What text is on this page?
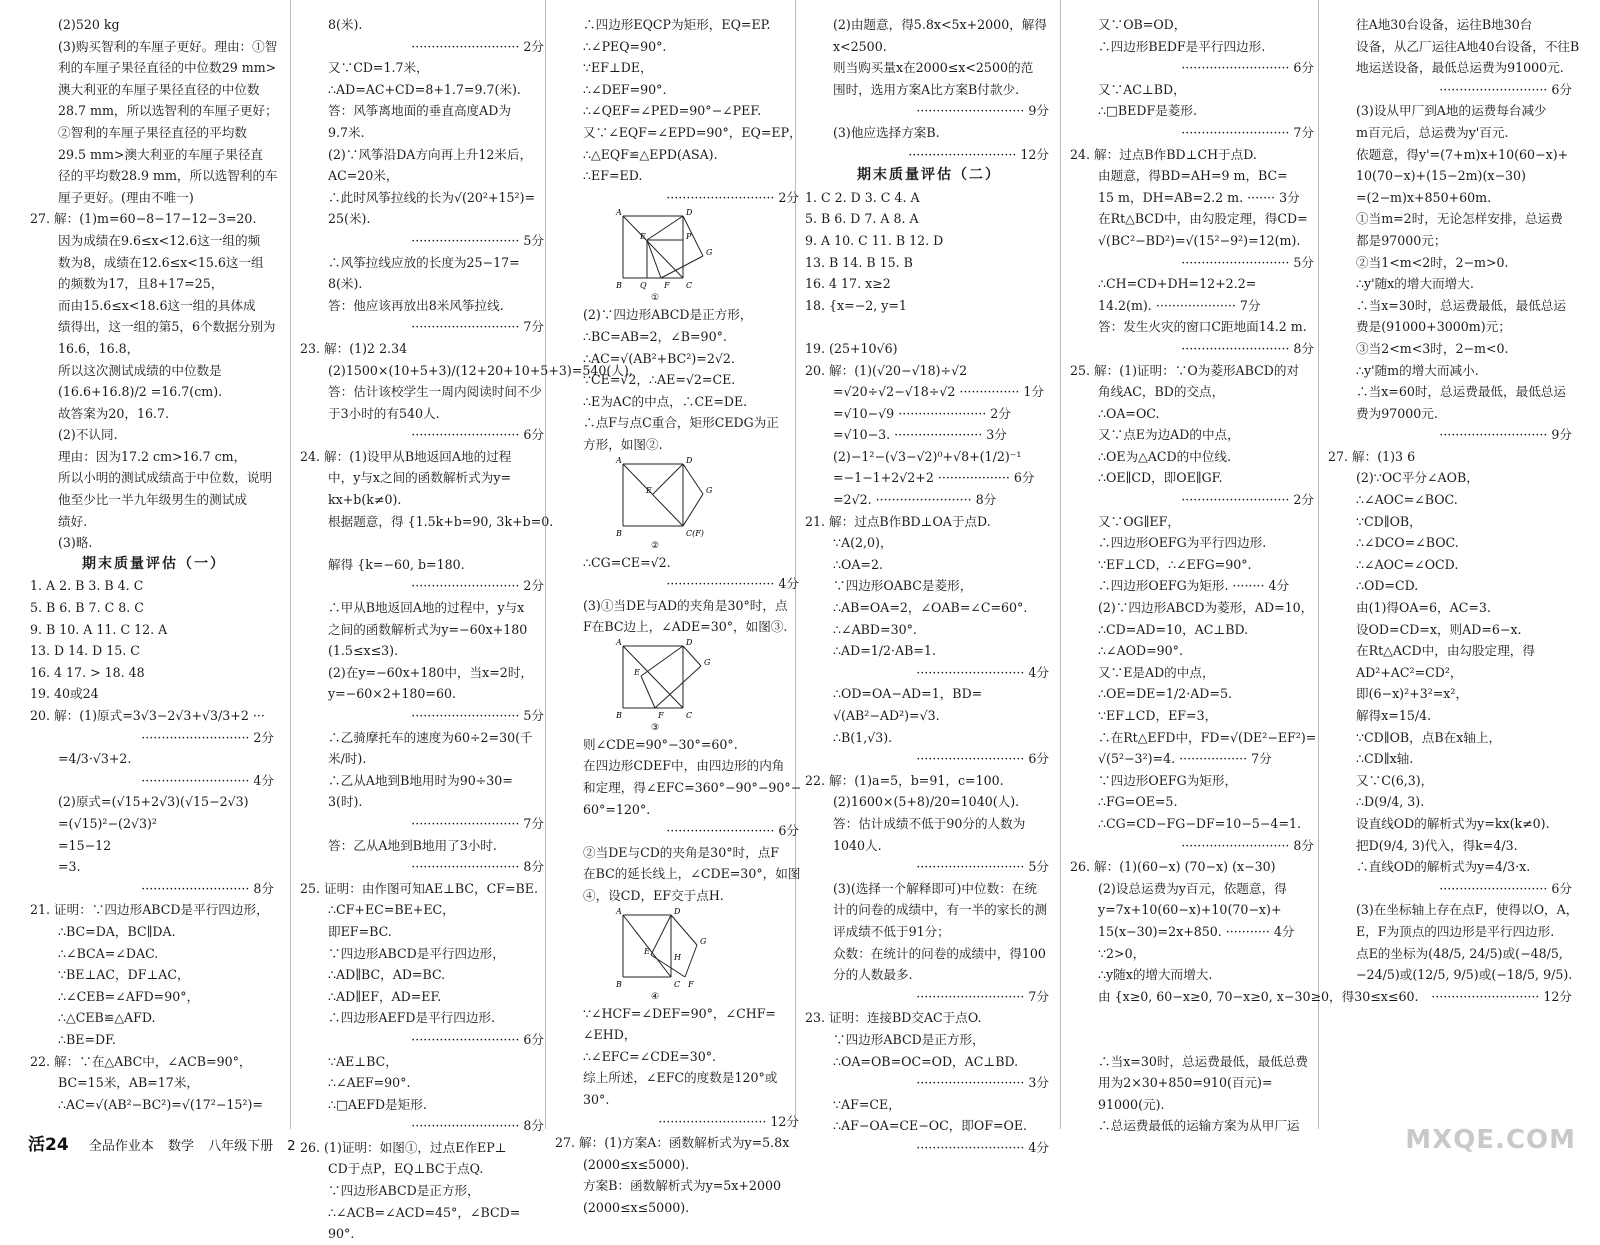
(2)520 kg
(3)购买智利的车厘子更好。理由：①智
利的车厘子果径直径的中位数29 mm>
澳大利亚的车厘子果径直径的中位数
28.7 mm，所以选智利的车厘子更好；
②智利的车厘子果径直径的平均数
29.5 mm>澳大利亚的车厘子果径直
径的平均数28.9 mm，所以选智利的车
厘子更好。(理由不唯一)
27. 解：(1)m=60−8−17−12−3=20.
因为成绩在9.6≤x<12.6这一组的频
数为8，成绩在12.6≤x<15.6这一组
的频数为17，且8+17=25，
而由15.6≤x<18.6这一组的具体成
绩得出，这一组的第5，6个数据分别为
16.6，16.8，
所以这次测试成绩的中位数是
(16.6+16.8)/2 =16.7(cm).
故答案为20，16.7.
(2)不认同.
理由：因为17.2 cm>16.7 cm，
所以小明的测试成绩高于中位数，说明
他至少比一半九年级男生的测试成
绩好.
(3)略.
期末质量评估（一）
1. A 2. B 3. B 4. C
5. B 6. B 7. C 8. C
9. B 10. A 11. C 12. A
13. D 14. D 15. C
16. 4 17. > 18. 48
19. 40或24
20. 解：(1)原式=3√3−2√3+√3/3+2 ···
··························· 2分
=4/3·√3+2.
··························· 4分
(2)原式=(√15+2√3)(√15−2√3)
=(√15)²−(2√3)²
=15−12
=3.
··························· 8分
21. 证明：∵四边形ABCD是平行四边形，
∴BC=DA，BC∥DA.
∴∠BCA=∠DAC.
∵BE⊥AC，DF⊥AC，
∴∠CEB=∠AFD=90°，
∴△CEB≌△AFD.
∴BE=DF.
22. 解：∵在△ABC中，∠ACB=90°，
BC=15米，AB=17米，
∴AC=√(AB²−BC²)=√(17²−15²)=
8(米).
··························· 2分
又∵CD=1.7米，
∴AD=AC+CD=8+1.7=9.7(米).
答：风筝离地面的垂直高度AD为
9.7米.
(2)∵风筝沿DA方向再上升12米后，
AC=20米，
∴此时风筝拉线的长为√(20²+15²)=
25(米).
··························· 5分
∴风筝拉线应放的长度为25−17=
8(米).
答：他应该再放出8米风筝拉线.
··························· 7分
23. 解：(1)2 2.34
(2)1500×(10+5+3)/(12+20+10+5+3)=540(人).
答：估计该校学生一周内阅读时间不少
于3小时的有540人.
··························· 6分
24. 解：(1)设甲从B地返回A地的过程
中，y与x之间的函数解析式为y=
kx+b(k≠0).
根据题意，得 {1.5k+b=90, 3k+b=0.

解得 {k=−60, b=180.
··························· 2分
∴甲从B地返回A地的过程中，y与x
之间的函数解析式为y=−60x+180
(1.5≤x≤3).
(2)在y=−60x+180中，当x=2时，
y=−60×2+180=60.
··························· 5分
∴乙骑摩托车的速度为60÷2=30(千
米/时).
∴乙从A地到B地用时为90÷30=
3(时).
··························· 7分
答：乙从A地到B地用了3小时.
··························· 8分
25. 证明：由作图可知AE⊥BC，CF=BE.
∴CF+EC=BE+EC，
即EF=BC.
∵四边形ABCD是平行四边形，
∴AD∥BC，AD=BC.
∴AD∥EF，AD=EF.
∴四边形AEFD是平行四边形.
··························· 6分
∵AE⊥BC，
∴∠AEF=90°.
∴□AEFD是矩形.
··························· 8分
26. (1)证明：如图①，过点E作EP⊥
CD于点P，EQ⊥BC于点Q.
∵四边形ABCD是正方形，
∴∠ACB=∠ACD=45°，∠BCD=
90°.
∴四边形EQCP为矩形，EQ=EP.
∴∠PEQ=90°.
∵EF⊥DE，
∴∠DEF=90°.
∴∠QEF=∠PED=90°−∠PEF.
又∵∠EQF=∠EPD=90°，EQ=EP，
∴△EQF≌△EPD(ASA).
∴EF=ED.
··························· 2分
A	D
E	P
G
B Q F C
①
(2)∵四边形ABCD是正方形，
∴BC=AB=2，∠B=90°.
∴AC=√(AB²+BC²)=2√2.
∵CE=√2，∴AE=√2=CE.
∴E为AC的中点，∴CE=DE.
∴点F与点C重合，矩形CEDG为正
方形，如图②.
A	D
E	G
B	C(F)
②
∴CG=CE=√2.
··························· 4分
(3)①当DE与AD的夹角是30°时，点
F在BC边上，∠ADE=30°，如图③.
A	D
E
G
B	F	C
③
则∠CDE=90°−30°=60°.
在四边形CDEF中，由四边形的内角
和定理，得∠EFC=360°−90°−90°−
60°=120°.
··························· 6分
②当DE与CD的夹角是30°时，点F
在BC的延长线上，∠CDE=30°，如图
④，设CD，EF交于点H.
A	D
E
H
G
B	C F
④
∵∠HCF=∠DEF=90°，∠CHF=
∠EHD，
∴∠EFC=∠CDE=30°.
综上所述，∠EFC的度数是120°或
30°.
··························· 12分
27. 解：(1)方案A：函数解析式为y=5.8x
(2000≤x≤5000).
方案B：函数解析式为y=5x+2000
(2000≤x≤5000).
(2)由题意，得5.8x<5x+2000，解得
x<2500.
则当购买量x在2000≤x<2500的范
围时，选用方案A比方案B付款少.
··························· 9分
(3)他应选择方案B.
··························· 12分
期末质量评估（二）
1. C 2. D 3. C 4. A
5. B 6. D 7. A 8. A
9. A 10. C 11. B 12. D
13. B 14. B 15. B
16. 4 17. x≥2
18. {x=−2, y=1

19. (25+10√6)
20. 解：(1)(√20−√18)÷√2
=√20÷√2−√18÷√2 ··············· 1分
=√10−√9 ······················ 2分
=√10−3. ······················ 3分
(2)−1²−(√3−√2)⁰+√8+(1/2)⁻¹
=−1−1+2√2+2 ·················· 6分
=2√2. ························ 8分
21. 解：过点B作BD⊥OA于点D.
∵A(2,0)，
∴OA=2.
∵四边形OABC是菱形，
∴AB=OA=2，∠OAB=∠C=60°.
∴∠ABD=30°.
∴AD=1/2·AB=1.
··························· 4分
∴OD=OA−AD=1，BD=
√(AB²−AD²)=√3.
∴B(1,√3).
··························· 6分
22. 解：(1)a=5，b=91，c=100.
(2)1600×(5+8)/20=1040(人).
答：估计成绩不低于90分的人数为
1040人.
··························· 5分
(3)(选择一个解释即可)中位数：在统
计的问卷的成绩中，有一半的家长的测
评成绩不低于91分；
众数：在统计的问卷的成绩中，得100
分的人数最多.
··························· 7分
23. 证明：连接BD交AC于点O.
∵四边形ABCD是正方形，
∴OA=OB=OC=OD，AC⊥BD.
··························· 3分
∵AF=CE，
∴AF−OA=CE−OC，即OF=OE.
··························· 4分
又∵OB=OD，
∴四边形BEDF是平行四边形.
··························· 6分
又∵AC⊥BD，
∴□BEDF是菱形.
··························· 7分
24. 解：过点B作BD⊥CH于点D.
由题意，得BD=AH=9 m，BC=
15 m，DH=AB=2.2 m. ······· 3分
在Rt△BCD中，由勾股定理，得CD=
√(BC²−BD²)=√(15²−9²)=12(m).
··························· 5分
∴CH=CD+DH=12+2.2=
14.2(m). ···················· 7分
答：发生火灾的窗口C距地面14.2 m.
··························· 8分
25. 解：(1)证明：∵O为菱形ABCD的对
角线AC，BD的交点，
∴OA=OC.
又∵点E为边AD的中点，
∴OE为△ACD的中位线.
∴OE∥CD，即OE∥GF.
··························· 2分
又∵OG∥EF，
∴四边形OEFG为平行四边形.
∵EF⊥CD，∴∠EFG=90°.
∴四边形OEFG为矩形. ········ 4分
(2)∵四边形ABCD为菱形，AD=10，
∴CD=AD=10，AC⊥BD.
∴∠AOD=90°.
又∵E是AD的中点，
∴OE=DE=1/2·AD=5.
∵EF⊥CD，EF=3，
∴在Rt△EFD中，FD=√(DE²−EF²)=
√(5²−3²)=4. ················· 7分
∵四边形OEFG为矩形，
∴FG=OE=5.
∴CG=CD−FG−DF=10−5−4=1.
··························· 8分
26. 解：(1)(60−x) (70−x) (x−30)
(2)设总运费为y百元，依题意，得
y=7x+10(60−x)+10(70−x)+
15(x−30)=2x+850. ··········· 4分
∵2>0，
∴y随x的增大而增大.
由 {x≥0, 60−x≥0, 70−x≥0, x−30≥0，得30≤x≤60.

∴当x=30时，总运费最低，最低总费
用为2×30+850=910(百元)=
91000(元).
∴总运费最低的运输方案为从甲厂运
往A地30台设备，运往B地30台
设备，从乙厂运往A地40台设备，不往B
地运送设备，最低总运费为91000元.
··························· 6分
(3)设从甲厂到A地的运费每台减少
m百元后，总运费为y'百元.
依题意，得y'=(7+m)x+10(60−x)+
10(70−x)+(15−2m)(x−30)
=(2−m)x+850+60m.
①当m=2时，无论怎样安排，总运费
都是97000元；
②当1<m<2时，2−m>0.
∴y'随x的增大而增大.
∴当x=30时，总运费最低，最低总运
费是(91000+3000m)元；
③当2<m<3时，2−m<0.
∴y'随m的增大而减小.
∴当x=60时，总运费最低，最低总运
费为97000元.
··························· 9分
27. 解：(1)3 6
(2)∵OC平分∠AOB，
∴∠AOC=∠BOC.
∵CD∥OB，
∴∠DCO=∠BOC.
∴∠AOC=∠OCD.
∴OD=CD.
由(1)得OA=6，AC=3.
设OD=CD=x，则AD=6−x.
在Rt△ACD中，由勾股定理，得
AD²+AC²=CD²，
即(6−x)²+3²=x²，
解得x=15/4.
∵CD∥OB，点B在x轴上，
∴CD∥x轴.
又∵C(6,3)，
∴D(9/4, 3).
设直线OD的解析式为y=kx(k≠0).
把D(9/4, 3)代入，得k=4/3.
∴直线OD的解析式为y=4/3·x.
··························· 6分
(3)在坐标轴上存在点F，使得以O，A，
E，F为顶点的四边形是平行四边形.
点E的坐标为(48/5, 24/5)或(−48/5,
−24/5)或(12/5, 9/5)或(−18/5, 9/5).
··························· 12分
活24 全品作业本 数学 八年级下册 2	MXQE.COM
